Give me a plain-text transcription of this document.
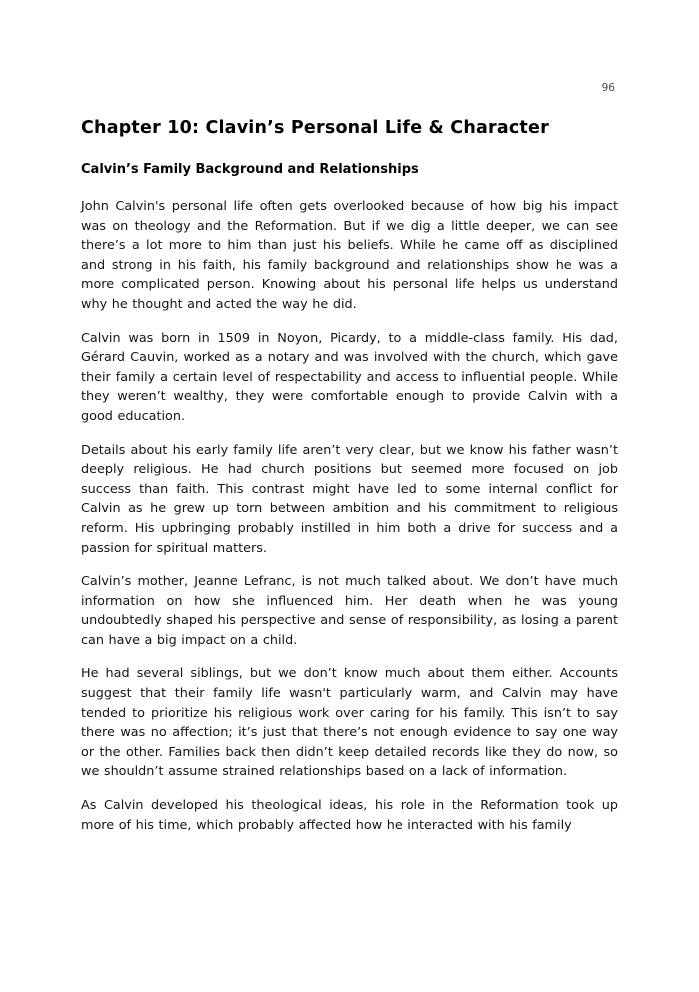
96
Chapter 10: Clavin’s Personal Life & Character
Calvin’s Family Background and Relationships

John Calvin's personal life often gets overlooked because of how big his impact was on theology and the Reformation. But if we dig a little deeper, we can see there’s a lot more to him than just his beliefs. While he came off as disciplined and strong in his faith, his family background and relationships show he was a more complicated person. Knowing about his personal life helps us understand why he thought and acted the way he did.

Calvin was born in 1509 in Noyon, Picardy, to a middle-class family. His dad, Gérard Cauvin, worked as a notary and was involved with the church, which gave their family a certain level of respectability and access to influential people. While they weren’t wealthy, they were comfortable enough to provide Calvin with a good education.

Details about his early family life aren’t very clear, but we know his father wasn’t deeply religious. He had church positions but seemed more focused on job success than faith. This contrast might have led to some internal conflict for Calvin as he grew up torn between ambition and his commitment to religious reform. His upbringing probably instilled in him both a drive for success and a passion for spiritual matters.

Calvin’s mother, Jeanne Lefranc, is not much talked about. We don’t have much information on how she influenced him. Her death when he was young undoubtedly shaped his perspective and sense of responsibility, as losing a parent can have a big impact on a child.

He had several siblings, but we don’t know much about them either. Accounts suggest that their family life wasn't particularly warm, and Calvin may have tended to prioritize his religious work over caring for his family. This isn’t to say there was no affection; it’s just that there’s not enough evidence to say one way or the other. Families back then didn’t keep detailed records like they do now, so we shouldn’t assume strained relationships based on a lack of information.

As Calvin developed his theological ideas, his role in the Reformation took up more of his time, which probably affected how he interacted with his family
